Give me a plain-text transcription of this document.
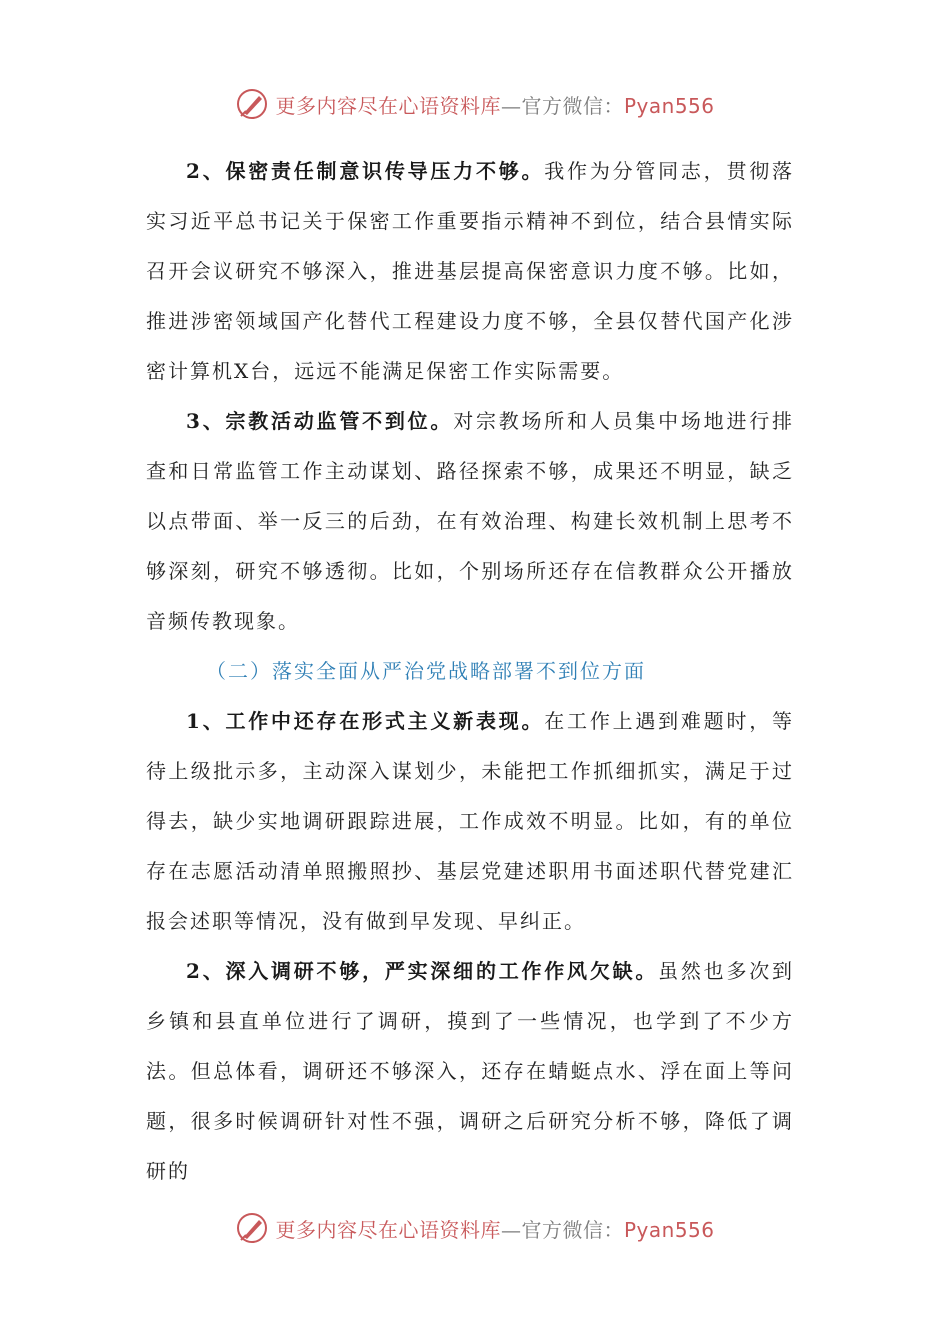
更多内容尽在心语资料库—官方微信：Pyan556

2、保密责任制意识传导压力不够。我作为分管同志，贯彻落实习近平总书记关于保密工作重要指示精神不到位，结合县情实际召开会议研究不够深入，推进基层提高保密意识力度不够。比如，推进涉密领域国产化替代工程建设力度不够，全县仅替代国产化涉密计算机X台，远远不能满足保密工作实际需要。

3、宗教活动监管不到位。对宗教场所和人员集中场地进行排查和日常监管工作主动谋划、路径探索不够，成果还不明显，缺乏以点带面、举一反三的后劲，在有效治理、构建长效机制上思考不够深刻，研究不够透彻。比如，个别场所还存在信教群众公开播放音频传教现象。

（二）落实全面从严治党战略部署不到位方面

1、工作中还存在形式主义新表现。在工作上遇到难题时，等待上级批示多，主动深入谋划少，未能把工作抓细抓实，满足于过得去，缺少实地调研跟踪进展，工作成效不明显。比如，有的单位存在志愿活动清单照搬照抄、基层党建述职用书面述职代替党建汇报会述职等情况，没有做到早发现、早纠正。

2、深入调研不够，严实深细的工作作风欠缺。虽然也多次到乡镇和县直单位进行了调研，摸到了一些情况，也学到了不少方法。但总体看，调研还不够深入，还存在蜻蜓点水、浮在面上等问题，很多时候调研针对性不强，调研之后研究分析不够，降低了调研的

更多内容尽在心语资料库—官方微信：Pyan556
